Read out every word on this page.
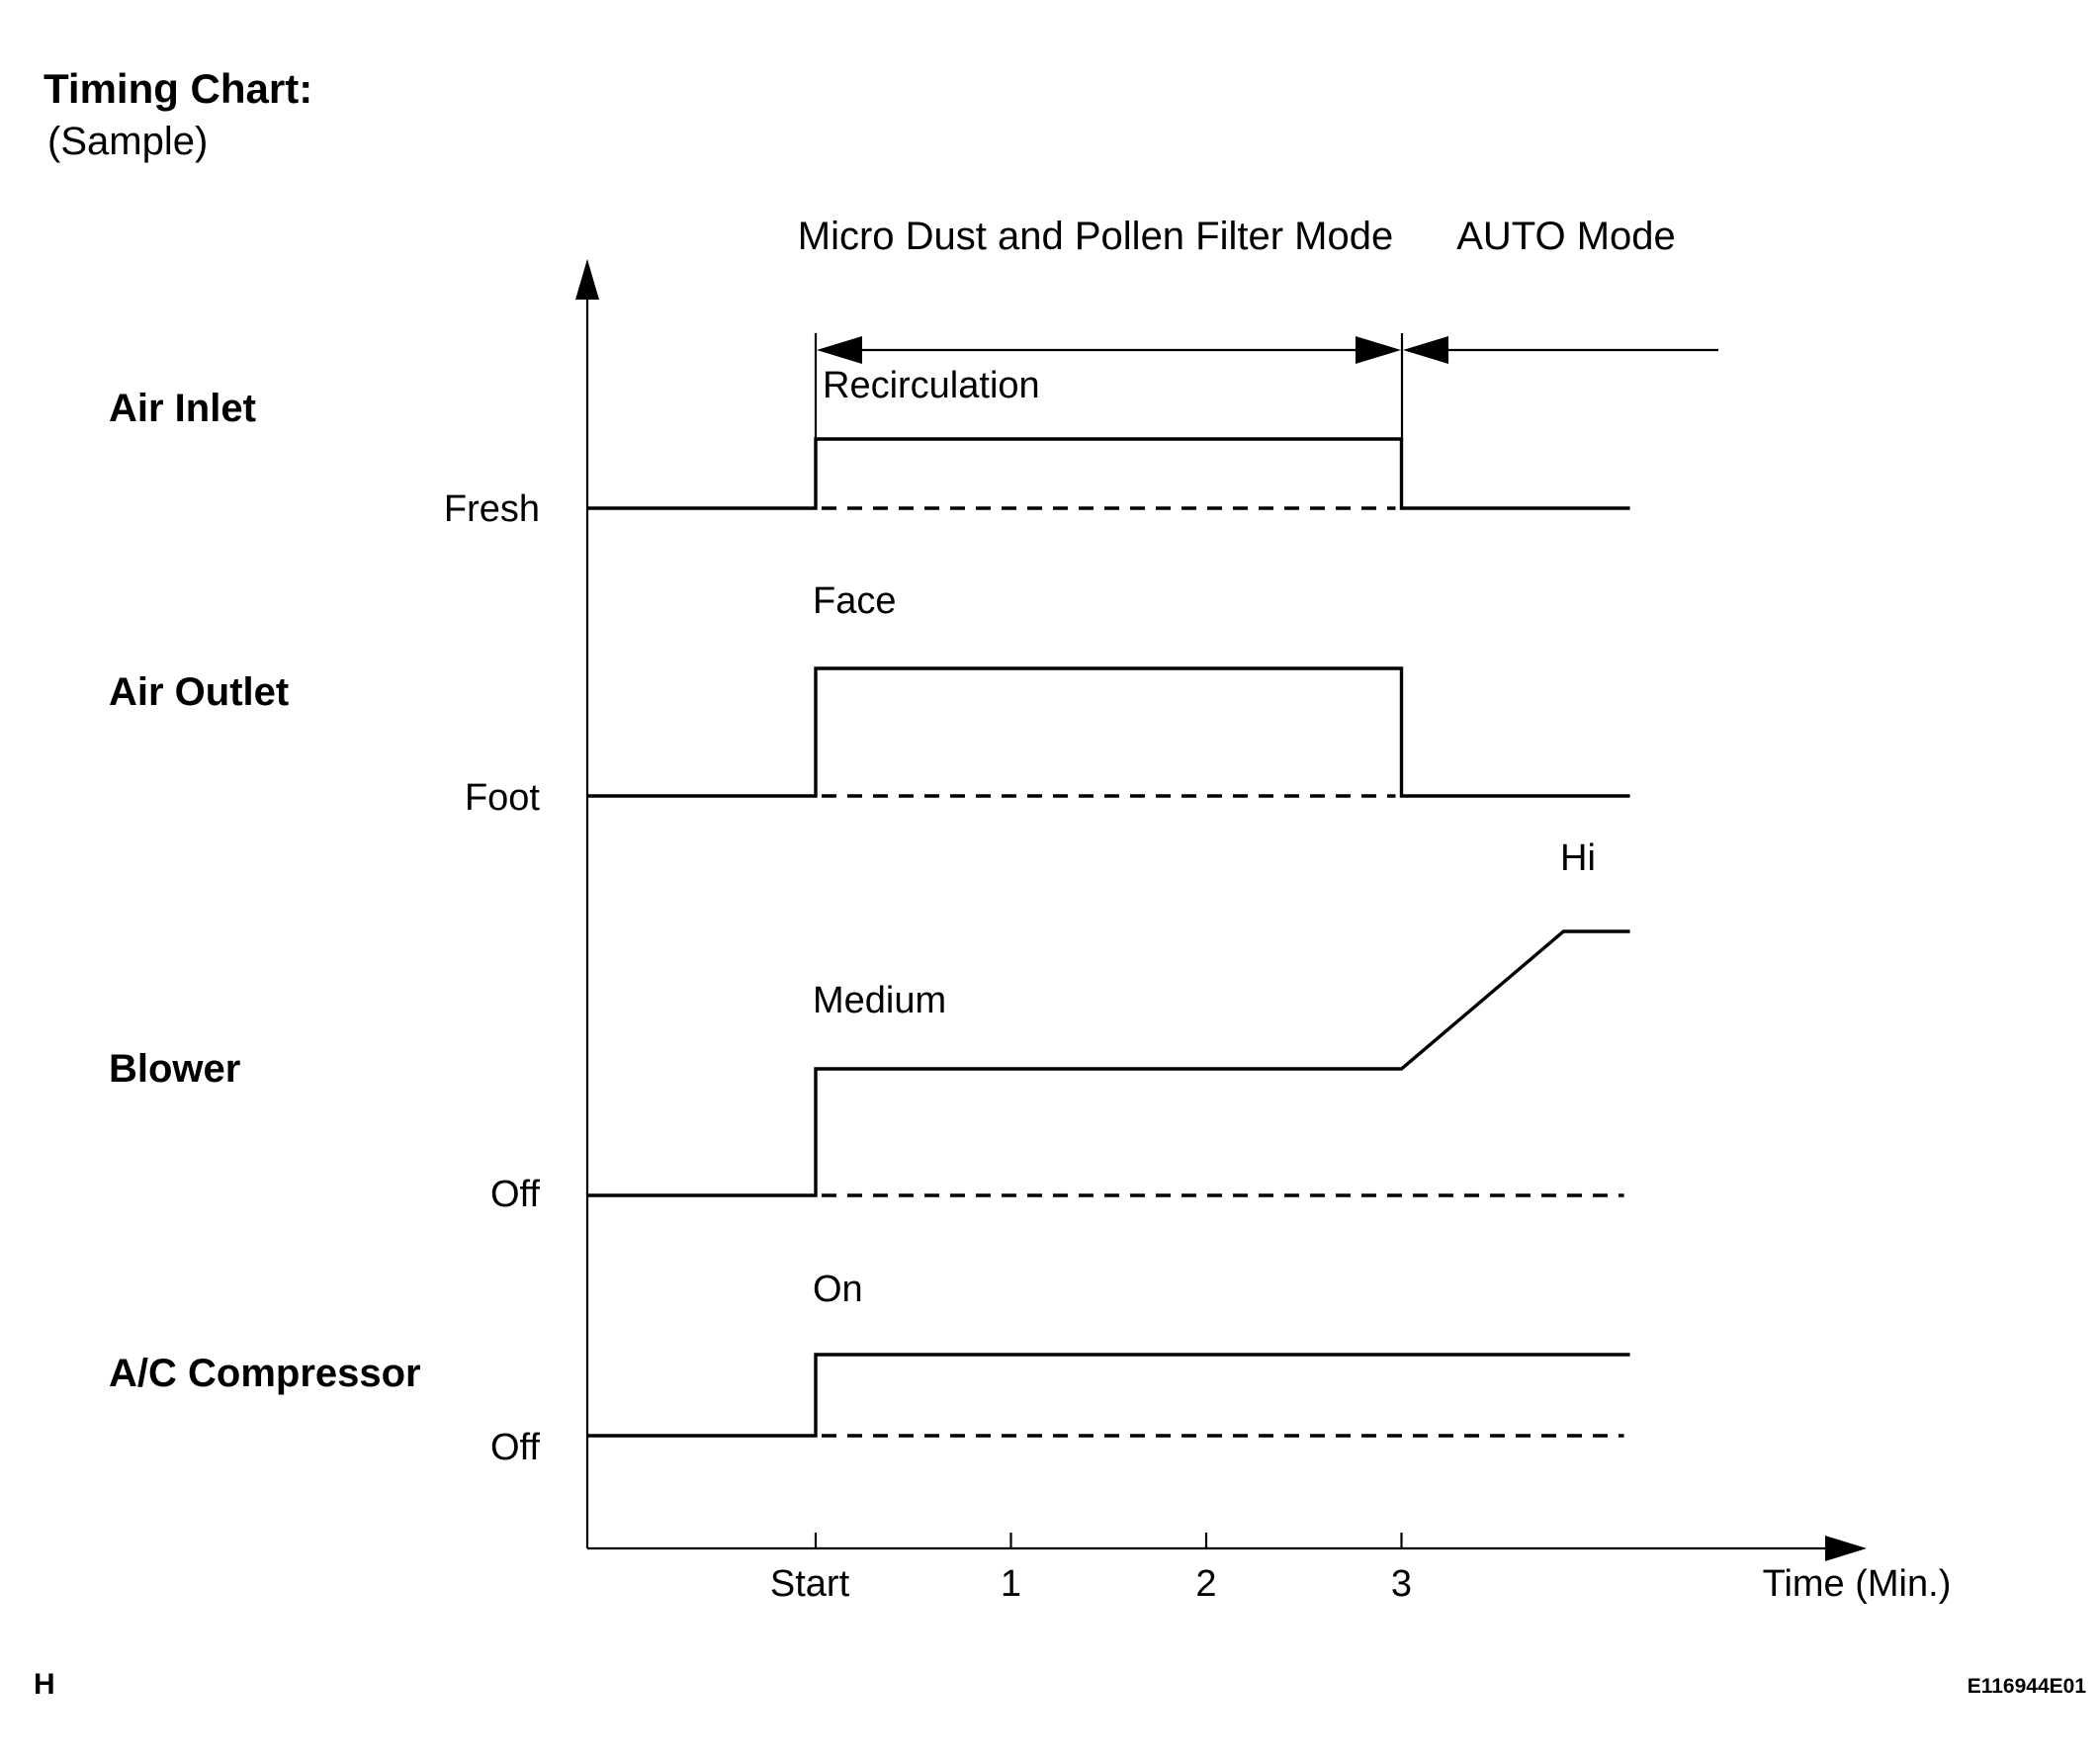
Timing Chart:
(Sample)
Micro Dust and Pollen Filter Mode AUTO Mode
Time (Min.)
Start	1	2	3
Air Inlet
Air Outlet
Blower
A/C Compressor
Fresh
Foot
Off
Off
Recirculation
Face
Medium
Hi
On
H	E116944E01
